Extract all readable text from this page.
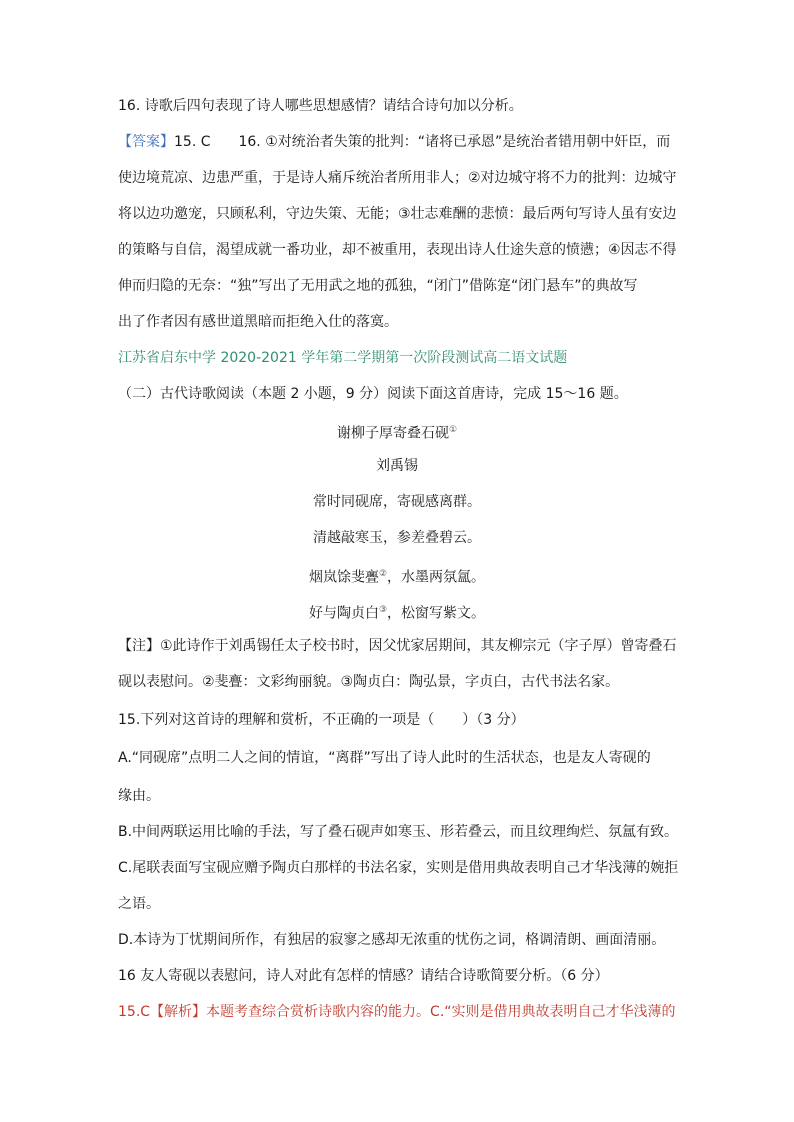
16. 诗歌后四句表现了诗人哪些思想感情？请结合诗句加以分析。
【答案】15. C　　16. ①对统治者失策的批判：“诸将已承恩”是统治者错用朝中奸臣，而
使边境荒凉、边患严重，于是诗人痛斥统治者所用非人；②对边城守将不力的批判：边城守
将以边功邀宠，只顾私利，守边失策、无能；③壮志难酬的悲愤：最后两句写诗人虽有安边
的策略与自信，渴望成就一番功业，却不被重用，表现出诗人仕途失意的愤懑；④因志不得
伸而归隐的无奈：“独”写出了无用武之地的孤独，“闭门”借陈寔“闭门悬车”的典故写
出了作者因有感世道黑暗而拒绝入仕的落寞。
江苏省启东中学 2020-2021 学年第二学期第一次阶段测试高二语文试题
（二）古代诗歌阅读（本题 2 小题，9 分）阅读下面这首唐诗，完成 15～16 题。
谢柳子厚寄叠石砚①
刘禹锡
常时同砚席，寄砚感离群。
清越敲寒玉，参差叠碧云。
烟岚馀斐亹②，水墨两氛氲。
好与陶贞白③，松窗写紫文。
【注】①此诗作于刘禹锡任太子校书时，因父忧家居期间，其友柳宗元（字子厚）曾寄叠石
砚以表慰问。②斐亹：文彩绚丽貌。③陶贞白：陶弘景，字贞白，古代书法名家。
15.下列对这首诗的理解和赏析，不正确的一项是（　　）（3 分）
A.“同砚席”点明二人之间的情谊，“离群”写出了诗人此时的生活状态，也是友人寄砚的
缘由。
B.中间两联运用比喻的手法，写了叠石砚声如寒玉、形若叠云，而且纹理绚烂、氛氲有致。
C.尾联表面写宝砚应赠予陶贞白那样的书法名家，实则是借用典故表明自己才华浅薄的婉拒
之语。
D.本诗为丁忧期间所作，有独居的寂寥之感却无浓重的忧伤之词，格调清朗、画面清丽。
16 友人寄砚以表慰问，诗人对此有怎样的情感？请结合诗歌简要分析。（6 分）
15.C【解析】本题考查综合赏析诗歌内容的能力。C.“实则是借用典故表明自己才华浅薄的
